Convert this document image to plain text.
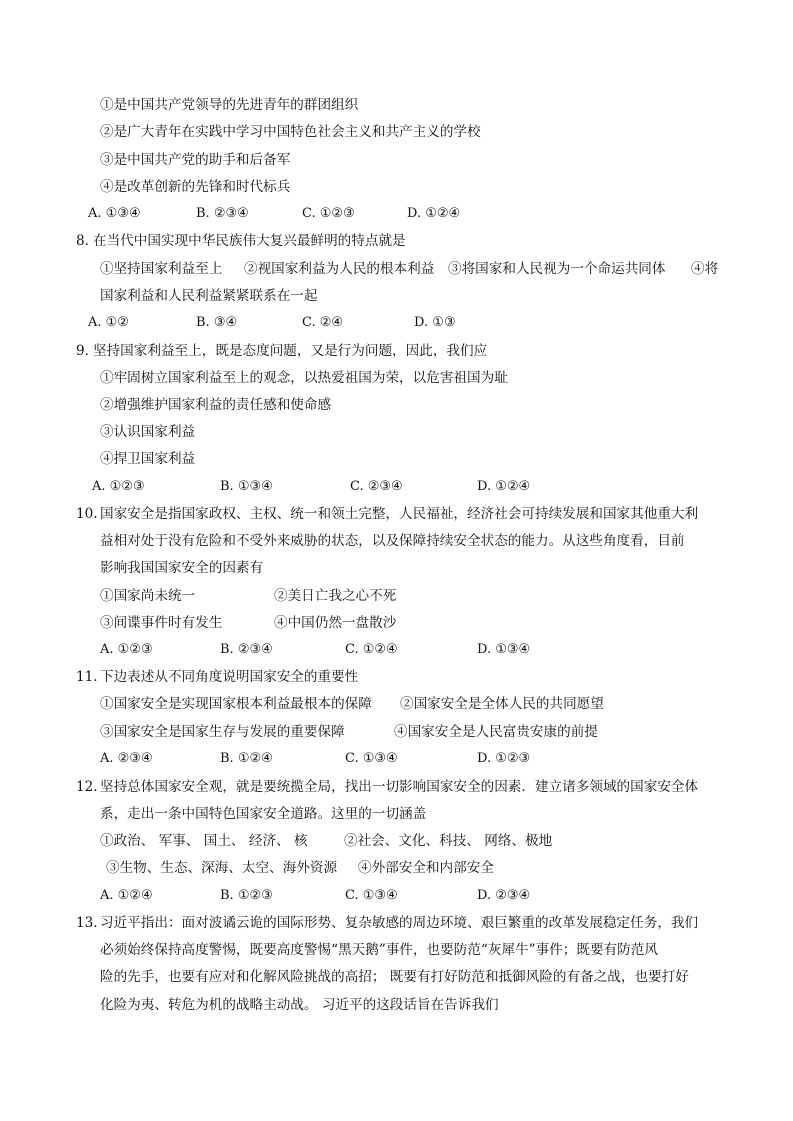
①是中国共产党领导的先进青年的群团组织
②是广大青年在实践中学习中国特色社会主义和共产主义的学校
③是中国共产党的助手和后备军
④是改革创新的先锋和时代标兵
A. ①③④	B. ②③④	C. ①②③	D. ①②④
8. 在当代中国实现中华民族伟大复兴最鲜明的特点就是
①坚持国家利益至上 ②视国家利益为人民的根本利益 ③将国家和人民视为一个命运共同体 ④将
国家利益和人民利益紧紧联系在一起
A. ①②	B. ③④	C. ②④	D. ①③
9. 坚持国家利益至上，既是态度问题，又是行为问题，因此，我们应
①牢固树立国家利益至上的观念，以热爱祖国为荣，以危害祖国为耻
②增强维护国家利益的责任感和使命感
③认识国家利益
④捍卫国家利益
A. ①②③	B. ①③④	C. ②③④	D. ①②④
10. 国家安全是指国家政权、主权、统一和领土完整，人民福祉，经济社会可持续发展和国家其他重大利
益相对处于没有危险和不受外来威胁的状态，以及保障持续安全状态的能力。从这些角度看，目前
影响我国国家安全的因素有
①国家尚未统一	②美日亡我之心不死
③间谍事件时有发生	④中国仍然一盘散沙
A. ①②③	B. ②③④	C. ①②④	D. ①③④
11. 下边表述从不同角度说明国家安全的重要性
①国家安全是实现国家根本利益最根本的保障 ②国家安全是全体人民的共同愿望
③国家安全是国家生存与发展的重要保障	④国家安全是人民富贵安康的前提
A. ②③④	B. ①②④	C. ①③④	D. ①②③
12. 坚持总体国家安全观，就是要统揽全局，找出一切影响国家安全的因素．建立诸多领域的国家安全体
系，走出一条中国特色国家安全道路。这里的一切涵盖
①政治、 军事、 国土、 经济、 核	②社会、文化、科技、 网络、极地
③生物、生态、深海、太空、海外资源 ④外部安全和内部安全
A. ①②④	B. ①②③	C. ①③④	D. ②③④
13. 习近平指出：面对波谲云诡的国际形势、复杂敏感的周边环境、艰巨繁重的改革发展稳定任务，我们
必须始终保持高度警惕，既要高度警惕“黑天鹅”事件，也要防范“灰犀牛”事件；既要有防范风
险的先手，也要有应对和化解风险挑战的高招； 既要有打好防范和抵御风险的有备之战，也要打好
化险为夷、转危为机的战略主动战。 习近平的这段话旨在告诉我们
